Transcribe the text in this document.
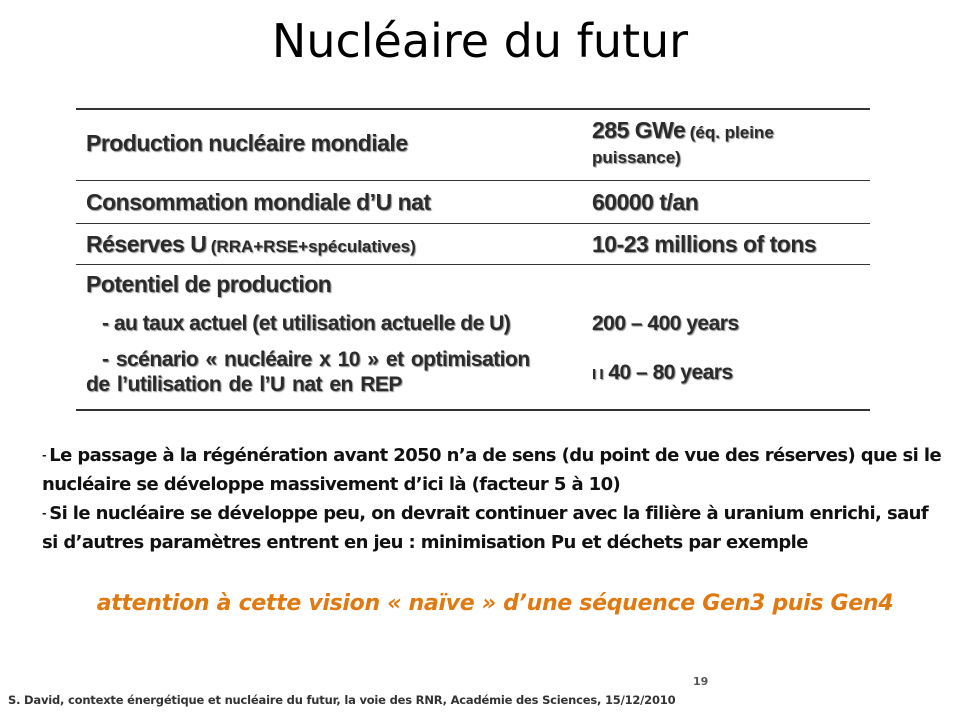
Nucléaire du futur
Production nucléaire mondiale	285 GWe (éq. pleine
puissance)
Consommation mondiale d’U nat	60000 t/an
Réserves U (RRA+RSE+spéculatives)	10-23 millions of tons
Potentiel de production
- au taux actuel (et utilisation actuelle de U)	200 – 400 years
- scénario « nucléaire x 10 » et optimisation
de l’utilisation de l’U nat en REP	I I 40 – 80 years
- Le passage à la régénération avant 2050 n’a de sens (du point de vue des réserves) que si le
nucléaire se développe massivement d’ici là (facteur 5 à 10)
- Si le nucléaire se développe peu, on devrait continuer avec la filière à uranium enrichi, sauf
si d’autres paramètres entrent en jeu : minimisation Pu et déchets par exemple
attention à cette vision « naïve » d’une séquence Gen3 puis Gen4
19
S. David, contexte énergétique et nucléaire du futur, la voie des RNR, Académie des Sciences, 15/12/2010
